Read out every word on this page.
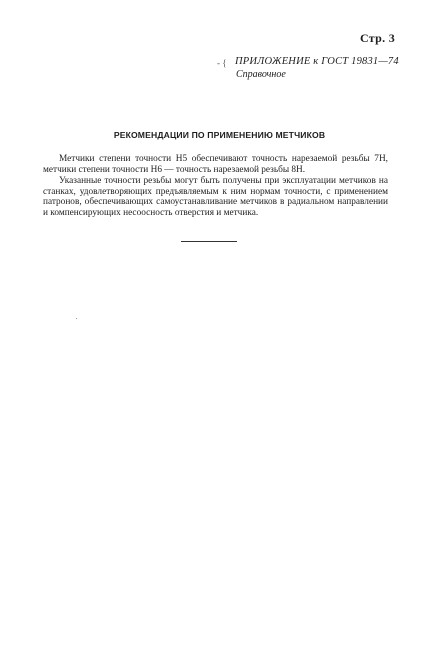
Стр. 3
- { ПРИЛОЖЕНИЕ к ГОСТ 19831—74
Справочное
РЕКОМЕНДАЦИИ ПО ПРИМЕНЕНИЮ МЕТЧИКОВ

Метчики степени точности Н5 обеспечивают точность нарезаемой резьбы 7Н, метчики степени точности Н6 — точность нарезаемой резьбы 8Н.

Указанные точности резьбы могут быть получены при эксплуатации метчиков на станках, удовлетворяющих предъявляемым к ним нормам точности, с применением патронов, обеспечивающих самоустанавливание метчиков в радиальном направлении и компенсирующих несоосность отверстия и метчика.
